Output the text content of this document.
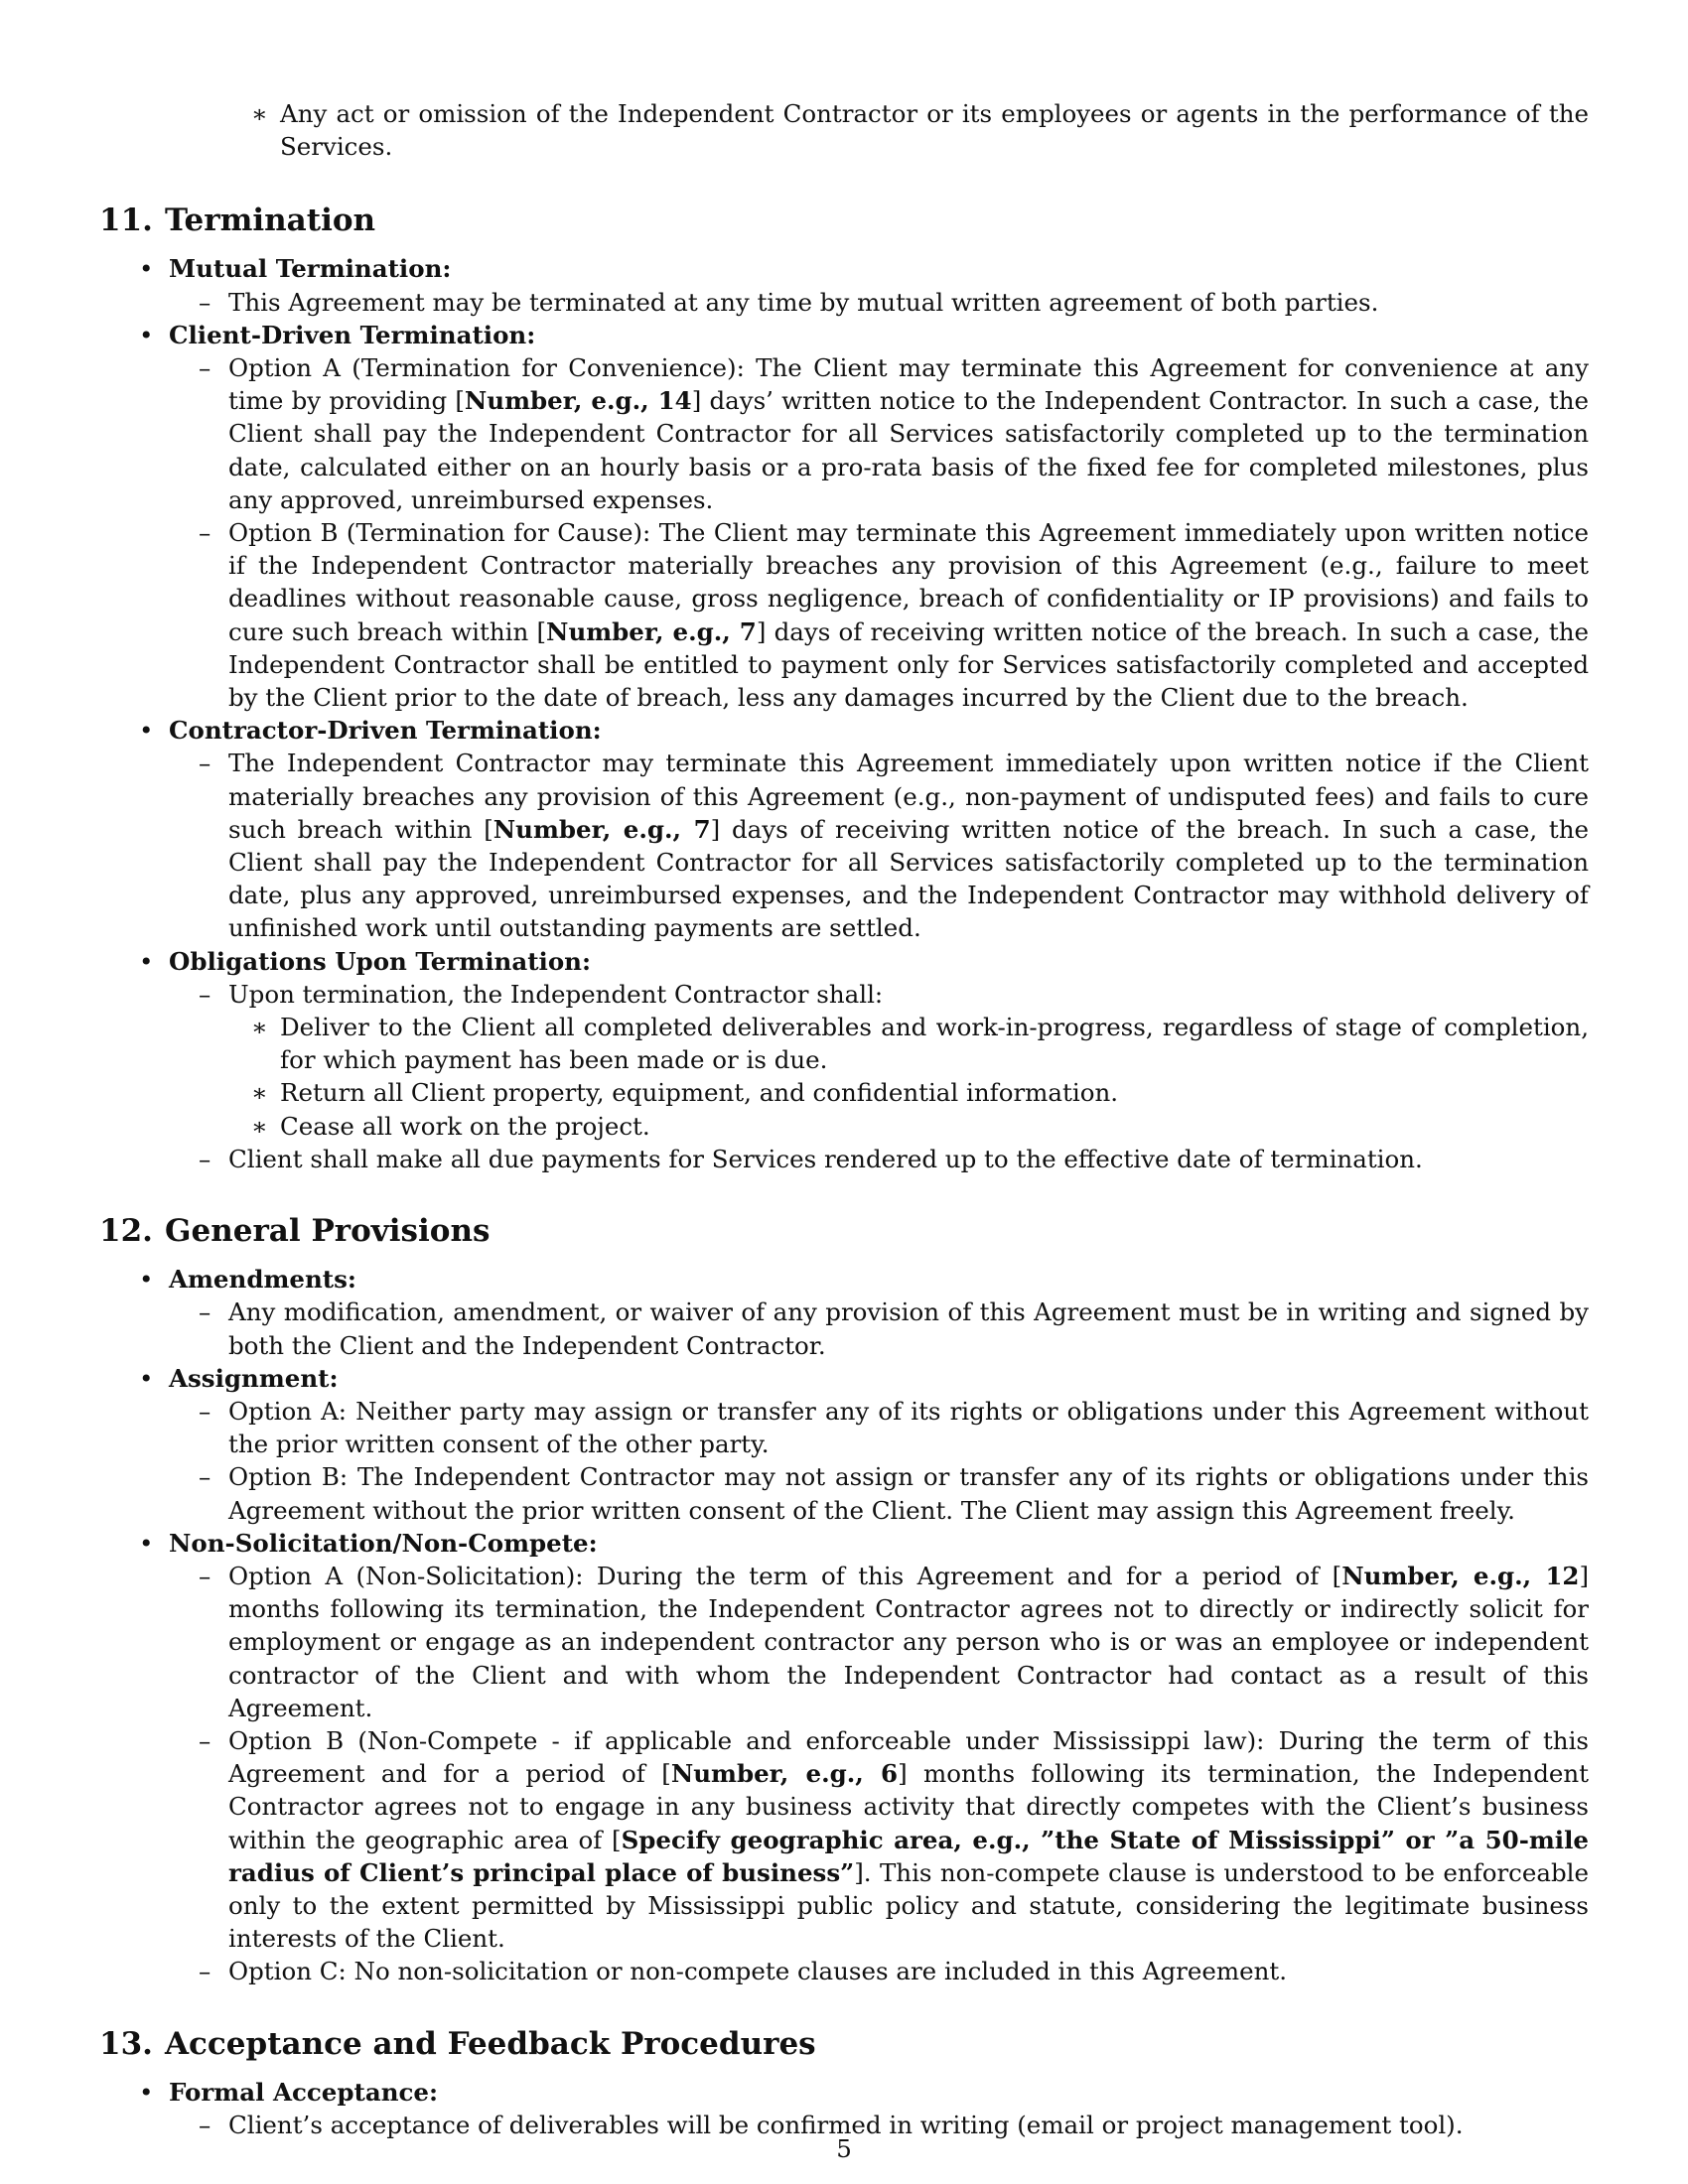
∗ Any act or omission of the Independent Contractor or its employees or agents in the performance of the Services.
11. Termination
• Mutual Termination:
– This Agreement may be terminated at any time by mutual written agreement of both parties.
• Client-Driven Termination:
– Option A (Termination for Convenience): The Client may terminate this Agreement for convenience at any time by providing [Number, e.g., 14] days’ written notice to the Independent Contractor. In such a case, the Client shall pay the Independent Contractor for all Services satisfactorily completed up to the termination date, calculated either on an hourly basis or a pro-rata basis of the fixed fee for completed milestones, plus any approved, unreimbursed expenses.
– Option B (Termination for Cause): The Client may terminate this Agreement immediately upon written notice if the Independent Contractor materially breaches any provision of this Agreement (e.g., failure to meet deadlines without reasonable cause, gross negligence, breach of confidentiality or IP provisions) and fails to cure such breach within [Number, e.g., 7] days of receiving written notice of the breach. In such a case, the Independent Contractor shall be entitled to payment only for Services satisfactorily completed and accepted by the Client prior to the date of breach, less any damages incurred by the Client due to the breach.
• Contractor-Driven Termination:
– The Independent Contractor may terminate this Agreement immediately upon written notice if the Client materially breaches any provision of this Agreement (e.g., non-payment of undisputed fees) and fails to cure such breach within [Number, e.g., 7] days of receiving written notice of the breach. In such a case, the Client shall pay the Independent Contractor for all Services satisfactorily completed up to the termination date, plus any approved, unreimbursed expenses, and the Independent Contractor may withhold delivery of unfinished work until outstanding payments are settled.
• Obligations Upon Termination:
– Upon termination, the Independent Contractor shall:
∗ Deliver to the Client all completed deliverables and work-in-progress, regardless of stage of completion, for which payment has been made or is due.
∗ Return all Client property, equipment, and confidential information.
∗ Cease all work on the project.
– Client shall make all due payments for Services rendered up to the effective date of termination.
12. General Provisions
• Amendments:
– Any modification, amendment, or waiver of any provision of this Agreement must be in writing and signed by both the Client and the Independent Contractor.
• Assignment:
– Option A: Neither party may assign or transfer any of its rights or obligations under this Agreement without the prior written consent of the other party.
– Option B: The Independent Contractor may not assign or transfer any of its rights or obligations under this Agreement without the prior written consent of the Client. The Client may assign this Agreement freely.
• Non-Solicitation/Non-Compete:
– Option A (Non-Solicitation): During the term of this Agreement and for a period of [Number, e.g., 12] months following its termination, the Independent Contractor agrees not to directly or indirectly solicit for employment or engage as an independent contractor any person who is or was an employee or independent contractor of the Client and with whom the Independent Contractor had contact as a result of this Agreement.
– Option B (Non-Compete - if applicable and enforceable under Mississippi law): During the term of this Agreement and for a period of [Number, e.g., 6] months following its termination, the Independent Contractor agrees not to engage in any business activity that directly competes with the Client’s business within the geographic area of [Specify geographic area, e.g., ”the State of Mississippi” or ”a 50-mile radius of Client’s principal place of business”]. This non-compete clause is understood to be enforceable only to the extent permitted by Mississippi public policy and statute, considering the legitimate business interests of the Client.
– Option C: No non-solicitation or non-compete clauses are included in this Agreement.
13. Acceptance and Feedback Procedures
• Formal Acceptance:
– Client’s acceptance of deliverables will be confirmed in writing (email or project management tool).
5
